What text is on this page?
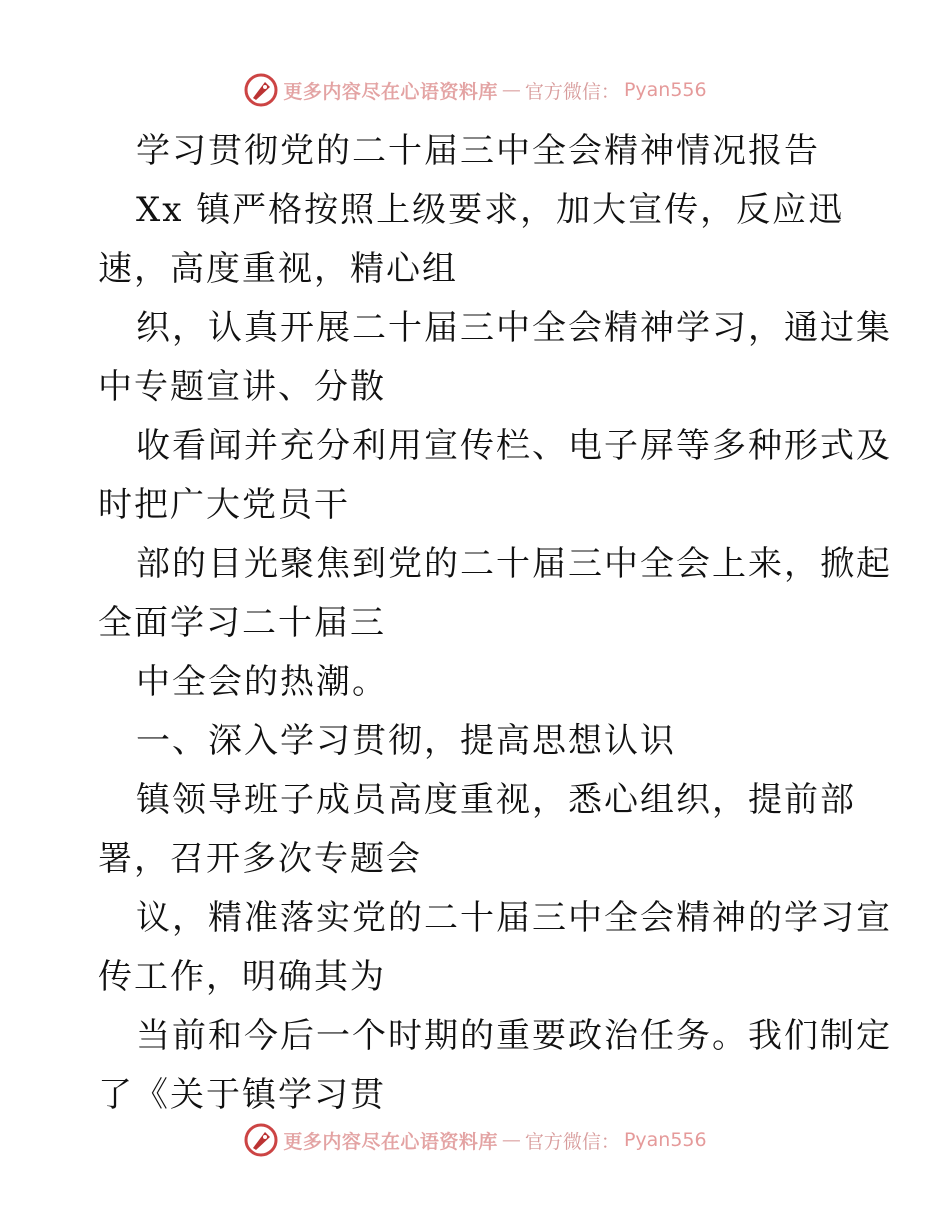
更多内容尽在心语资料库 — 官方微信： Pyan556
学习贯彻党的二十届三中全会精神情况报告
Xx 镇严格按照上级要求，加大宣传，反应迅
速，高度重视，精心组
织，认真开展二十届三中全会精神学习，通过集
中专题宣讲、分散
收看闻并充分利用宣传栏、电子屏等多种形式及
时把广大党员干
部的目光聚焦到党的二十届三中全会上来，掀起
全面学习二十届三
中全会的热潮。
一、深入学习贯彻，提高思想认识
镇领导班子成员高度重视，悉心组织，提前部
署，召开多次专题会
议，精准落实党的二十届三中全会精神的学习宣
传工作，明确其为
当前和今后一个时期的重要政治任务。我们制定
了《关于镇学习贯
更多内容尽在心语资料库 — 官方微信： Pyan556
